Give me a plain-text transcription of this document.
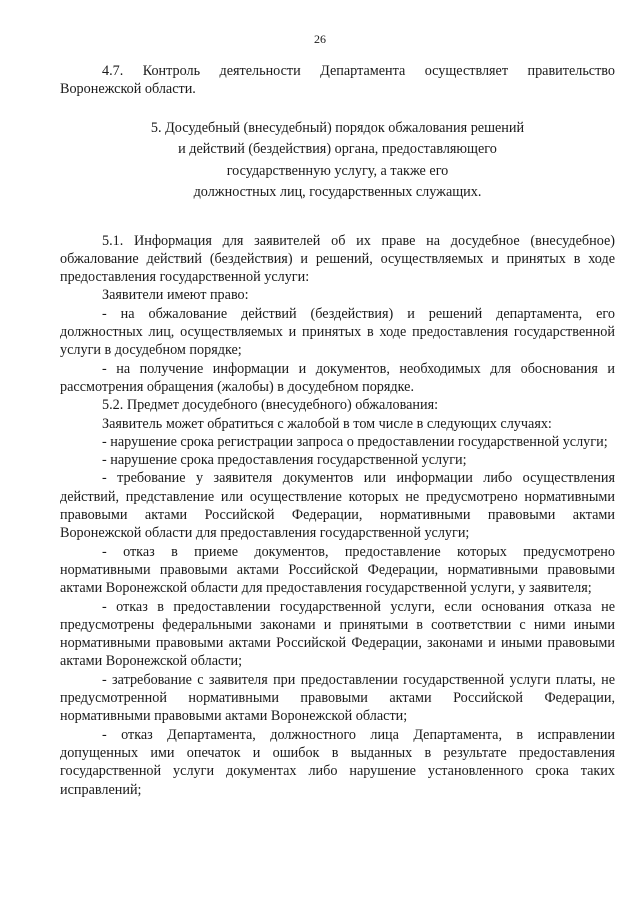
26

4.7. Контроль деятельности Департамента осуществляет правительство Воронежской области.

5. Досудебный (внесудебный) порядок обжалования решений
и действий (бездействия) органа, предоставляющего
государственную услугу, а также его
должностных лиц, государственных служащих.

5.1. Информация для заявителей об их праве на досудебное (внесудебное) обжалование действий (бездействия) и решений, осуществляемых и принятых в ходе предоставления государственной услуги:

Заявители имеют право:

- на обжалование действий (бездействия) и решений департамента, его должностных лиц, осуществляемых и принятых в ходе предоставления государственной услуги в досудебном порядке;

- на получение информации и документов, необходимых для обоснования и рассмотрения обращения (жалобы) в досудебном порядке.

5.2. Предмет досудебного (внесудебного) обжалования:

Заявитель может обратиться с жалобой в том числе в следующих случаях:

- нарушение срока регистрации запроса о предоставлении государственной услуги;

- нарушение срока предоставления государственной услуги;

- требование у заявителя документов или информации либо осуществления действий, представление или осуществление которых не предусмотрено нормативными правовыми актами Российской Федерации, нормативными правовыми актами Воронежской области для предоставления государственной услуги;

- отказ в приеме документов, предоставление которых предусмотрено нормативными правовыми актами Российской Федерации, нормативными правовыми актами Воронежской области для предоставления государственной услуги, у заявителя;

- отказ в предоставлении государственной услуги, если основания отказа не предусмотрены федеральными законами и принятыми в соответствии с ними иными нормативными правовыми актами Российской Федерации, законами и иными правовыми актами Воронежской области;

- затребование с заявителя при предоставлении государственной услуги платы, не предусмотренной нормативными правовыми актами Российской Федерации, нормативными правовыми актами Воронежской области;

- отказ Департамента, должностного лица Департамента, в исправлении допущенных ими опечаток и ошибок в выданных в результате предоставления государственной услуги документах либо нарушение установленного срока таких исправлений;
